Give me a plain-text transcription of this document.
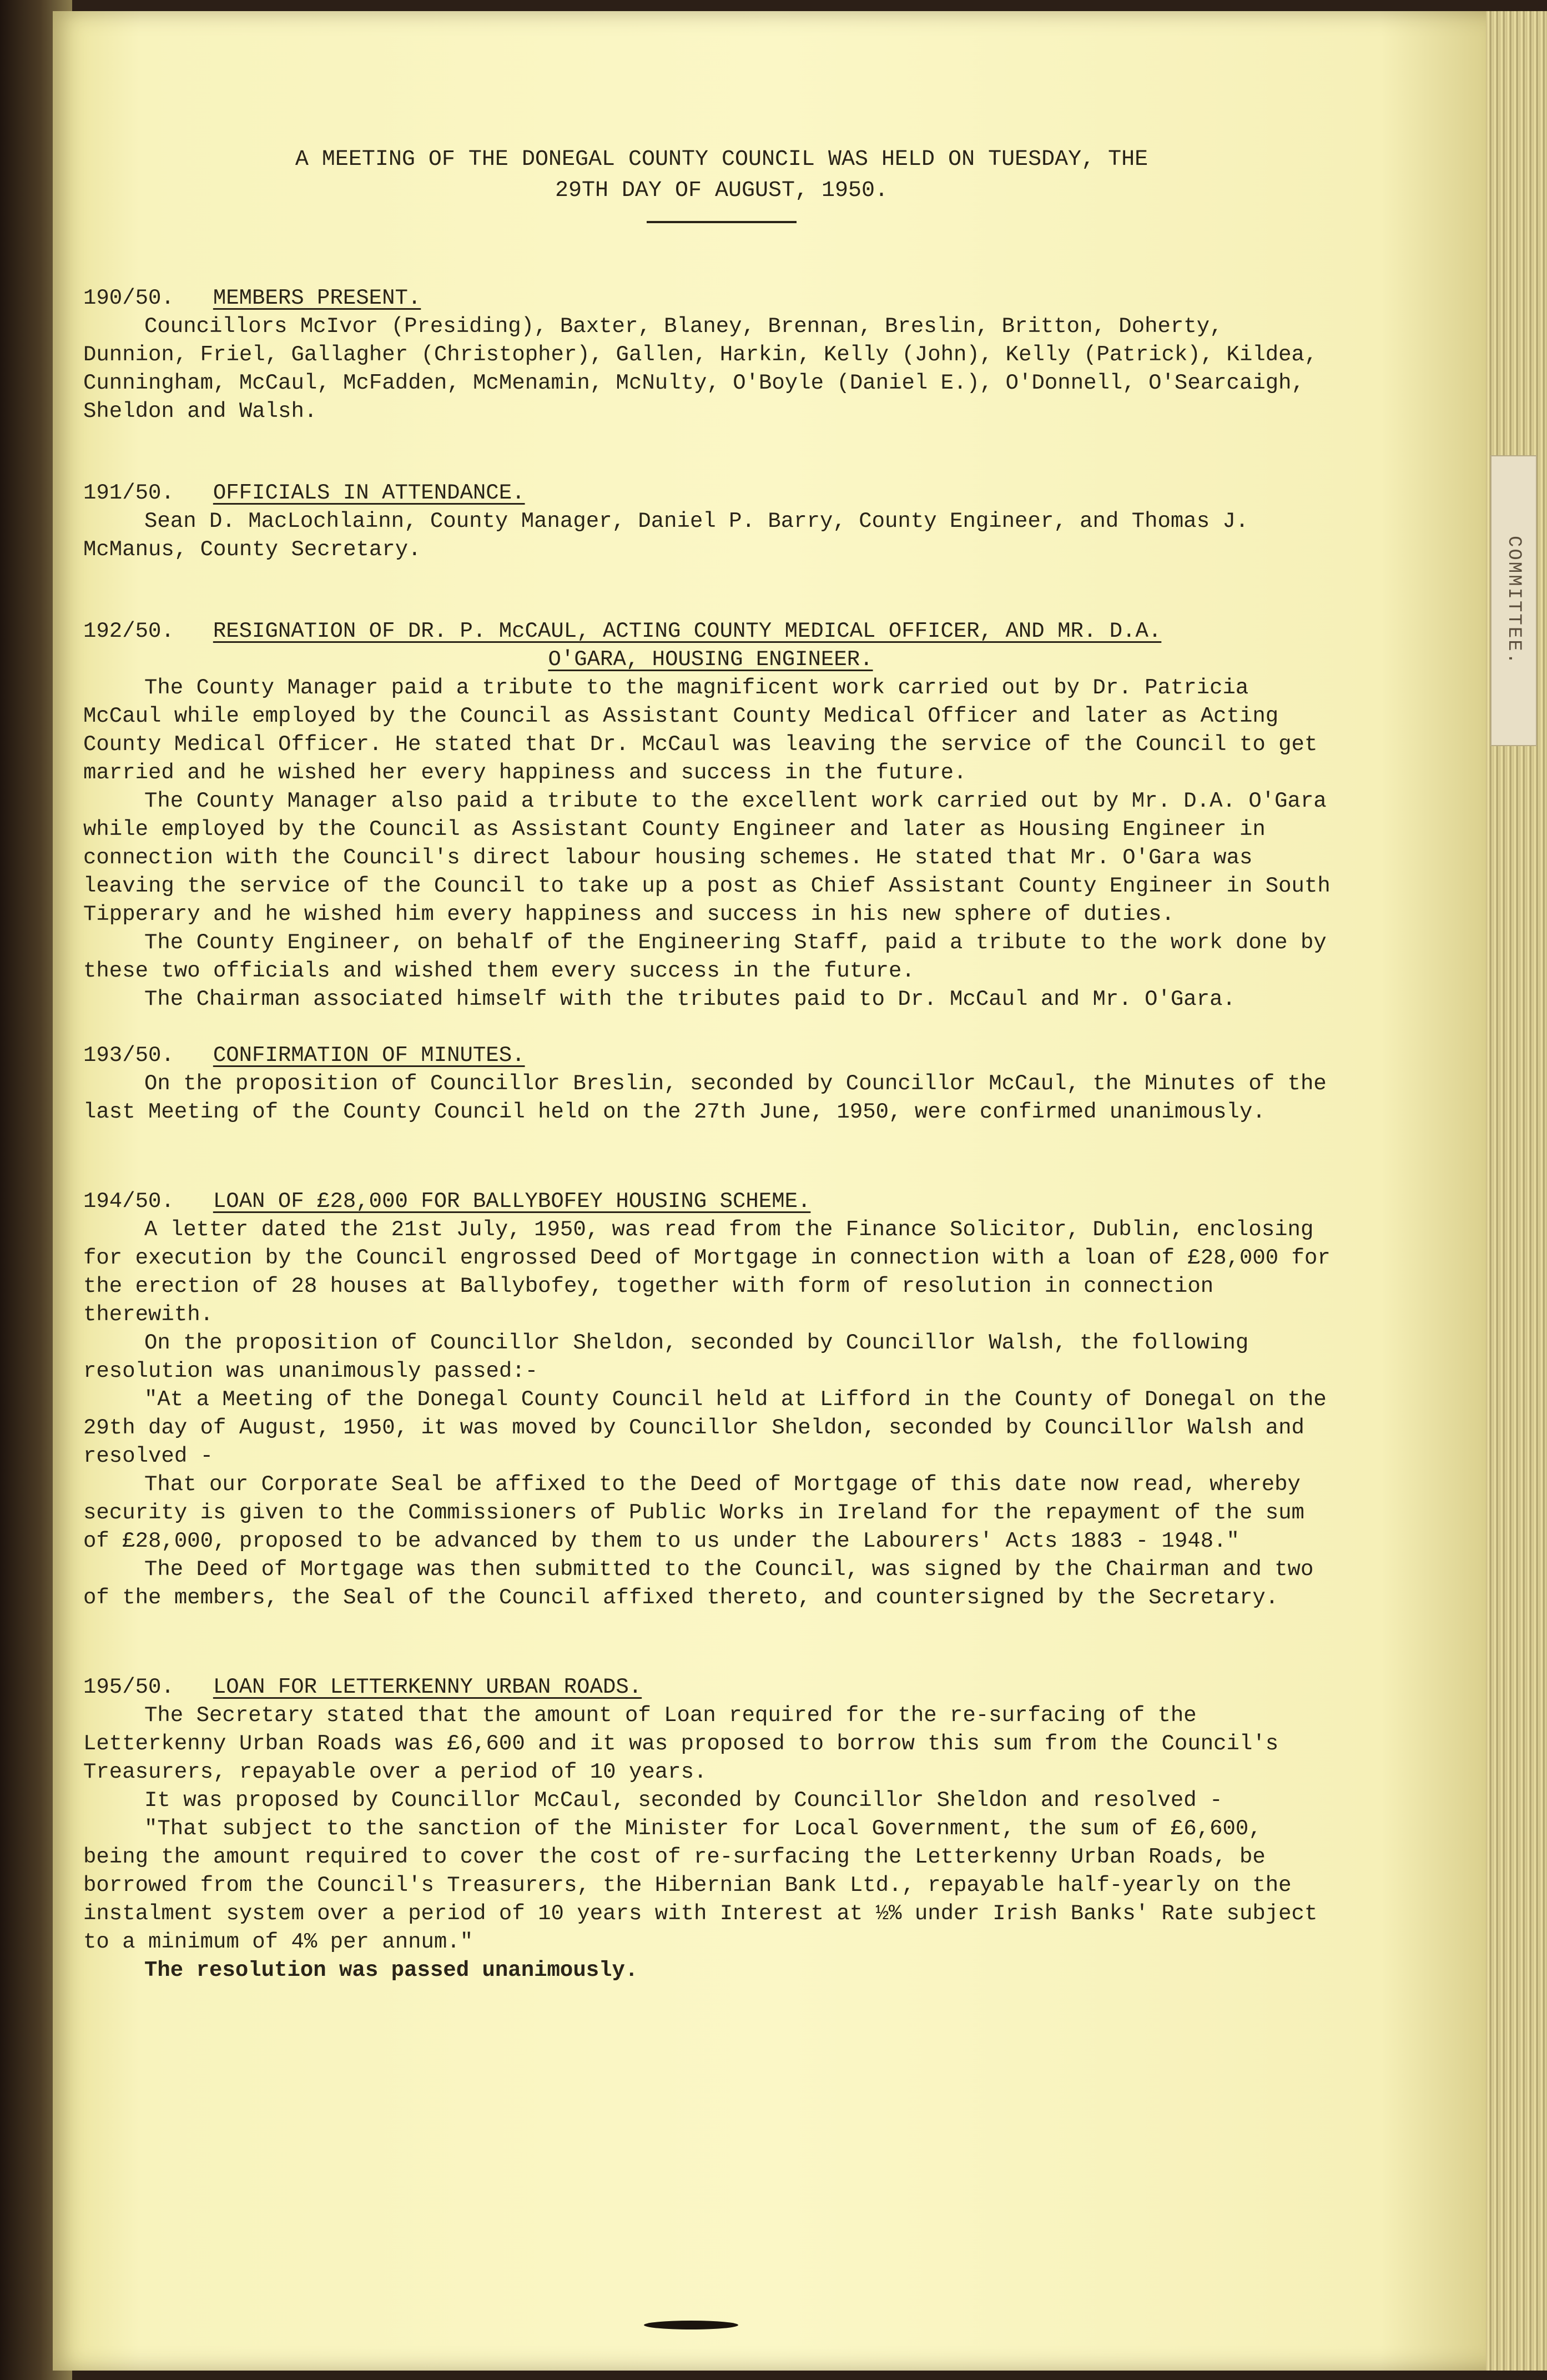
COMMITTEE.
A MEETING OF THE DONEGAL COUNTY COUNCIL WAS HELD ON TUESDAY, THE
29TH DAY OF AUGUST, 1950.
190/50. MEMBERS PRESENT.

Councillors McIvor (Presiding), Baxter, Blaney, Brennan, Breslin, Britton, Doherty, Dunnion, Friel, Gallagher (Christopher), Gallen, Harkin, Kelly (John), Kelly (Patrick), Kildea, Cunningham, McCaul, McFadden, McMenamin, McNulty, O'Boyle (Daniel E.), O'Donnell, O'Searcaigh, Sheldon and Walsh.

191/50. OFFICIALS IN ATTENDANCE.

Sean D. MacLochlainn, County Manager, Daniel P. Barry, County Engineer, and Thomas J. McManus, County Secretary.

192/50. RESIGNATION OF DR. P. McCAUL, ACTING COUNTY MEDICAL OFFICER, AND MR. D.A.
O'GARA, HOUSING ENGINEER.

The County Manager paid a tribute to the magnificent work carried out by Dr. Patricia McCaul while employed by the Council as Assistant County Medical Officer and later as Acting County Medical Officer. He stated that Dr. McCaul was leaving the service of the Council to get married and he wished her every happiness and success in the future.

The County Manager also paid a tribute to the excellent work carried out by Mr. D.A. O'Gara while employed by the Council as Assistant County Engineer and later as Housing Engineer in connection with the Council's direct labour housing schemes. He stated that Mr. O'Gara was leaving the service of the Council to take up a post as Chief Assistant County Engineer in South Tipperary and he wished him every happiness and success in his new sphere of duties.

The County Engineer, on behalf of the Engineering Staff, paid a tribute to the work done by these two officials and wished them every success in the future.

The Chairman associated himself with the tributes paid to Dr. McCaul and Mr. O'Gara.

193/50. CONFIRMATION OF MINUTES.

On the proposition of Councillor Breslin, seconded by Councillor McCaul, the Minutes of the last Meeting of the County Council held on the 27th June, 1950, were confirmed unanimously.

194/50. LOAN OF £28,000 FOR BALLYBOFEY HOUSING SCHEME.

A letter dated the 21st July, 1950, was read from the Finance Solicitor, Dublin, enclosing for execution by the Council engrossed Deed of Mortgage in connection with a loan of £28,000 for the erection of 28 houses at Ballybofey, together with form of resolution in connection therewith.

On the proposition of Councillor Sheldon, seconded by Councillor Walsh, the following resolution was unanimously passed:-

"At a Meeting of the Donegal County Council held at Lifford in the County of Donegal on the 29th day of August, 1950, it was moved by Councillor Sheldon, seconded by Councillor Walsh and resolved -

That our Corporate Seal be affixed to the Deed of Mortgage of this date now read, whereby security is given to the Commissioners of Public Works in Ireland for the repayment of the sum of £28,000, proposed to be advanced by them to us under the Labourers' Acts 1883 - 1948."

The Deed of Mortgage was then submitted to the Council, was signed by the Chairman and two of the members, the Seal of the Council affixed thereto, and countersigned by the Secretary.

195/50. LOAN FOR LETTERKENNY URBAN ROADS.

The Secretary stated that the amount of Loan required for the re-surfacing of the Letterkenny Urban Roads was £6,600 and it was proposed to borrow this sum from the Council's Treasurers, repayable over a period of 10 years.

It was proposed by Councillor McCaul, seconded by Councillor Sheldon and resolved -

"That subject to the sanction of the Minister for Local Government, the sum of £6,600, being the amount required to cover the cost of re-surfacing the Letterkenny Urban Roads, be borrowed from the Council's Treasurers, the Hibernian Bank Ltd., repayable half-yearly on the instalment system over a period of 10 years with Interest at ½% under Irish Banks' Rate subject to a minimum of 4% per annum."

The resolution was passed unanimously.
